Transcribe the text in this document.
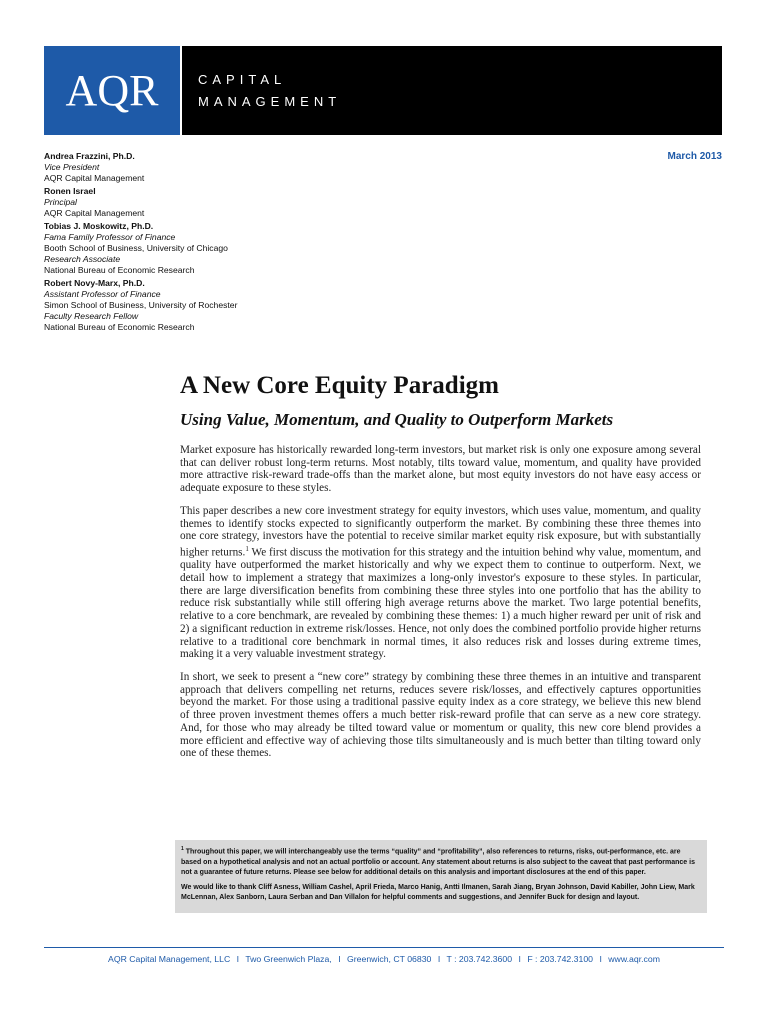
AQR	CAPITAL
MANAGEMENT
Andrea Frazzini, Ph.D.
Vice President
AQR Capital Management
Ronen Israel
Principal
AQR Capital Management
Tobias J. Moskowitz, Ph.D.
Fama Family Professor of Finance
Booth School of Business, University of Chicago
Research Associate
National Bureau of Economic Research
Robert Novy-Marx, Ph.D.
Assistant Professor of Finance
Simon School of Business, University of Rochester
Faculty Research Fellow
National Bureau of Economic Research
March 2013
A New Core Equity Paradigm
Using Value, Momentum, and Quality to Outperform Markets

Market exposure has historically rewarded long-term investors, but market risk is only one exposure among several that can deliver robust long-term returns. Most notably, tilts toward value, momentum, and quality have provided more attractive risk-reward trade-offs than the market alone, but most equity investors do not have easy access or adequate exposure to these styles.

This paper describes a new core investment strategy for equity investors, which uses value, momentum, and quality themes to identify stocks expected to significantly outperform the market. By combining these three themes into one core strategy, investors have the potential to receive similar market equity risk exposure, but with substantially higher returns.$^1$ We first discuss the motivation for this strategy and the intuition behind why value, momentum, and quality have outperformed the market historically and why we expect them to continue to outperform. Next, we detail how to implement a strategy that maximizes a long-only investor's exposure to these styles. In particular, there are large diversification benefits from combining these three styles into one portfolio that has the ability to reduce risk substantially while still offering high average returns above the market. Two large potential benefits, relative to a core benchmark, are revealed by combining these themes: 1) a much higher reward per unit of risk and 2) a significant reduction in extreme risk/losses. Hence, not only does the combined portfolio provide higher returns relative to a traditional core benchmark in normal times, it also reduces risk and losses during extreme times, making it a very valuable investment strategy.

In short, we seek to present a “new core” strategy by combining these three themes in an intuitive and transparent approach that delivers compelling net returns, reduces severe risk/losses, and effectively captures opportunities beyond the market. For those using a traditional passive equity index as a core strategy, we believe this new blend of three proven investment themes offers a much better risk-reward profile that can serve as a new core strategy. And, for those who may already be tilted toward value or momentum or quality, this new core blend provides a more efficient and effective way of achieving those tilts simultaneously and is much better than tilting toward only one of these themes.

$^1$ Throughout this paper, we will interchangeably use the terms “quality” and “profitability”, also references to returns, risks, out-performance, etc. are based on a hypothetical analysis and not an actual portfolio or account. Any statement about returns is also subject to the caveat that past performance is not a guarantee of future returns. Please see below for additional details on this analysis and important disclosures at the end of this paper.

We would like to thank Cliff Asness, William Cashel, April Frieda, Marco Hanig, Antti Ilmanen, Sarah Jiang, Bryan Johnson, David Kabiller, John Liew, Mark McLennan, Alex Sanborn, Laura Serban and Dan Villalon for helpful comments and suggestions, and Jennifer Buck for design and layout.

AQR Capital Management, LLC I Two Greenwich Plaza, I Greenwich, CT 06830 I T : 203.742.3600 I F : 203.742.3100 I www.aqr.com
